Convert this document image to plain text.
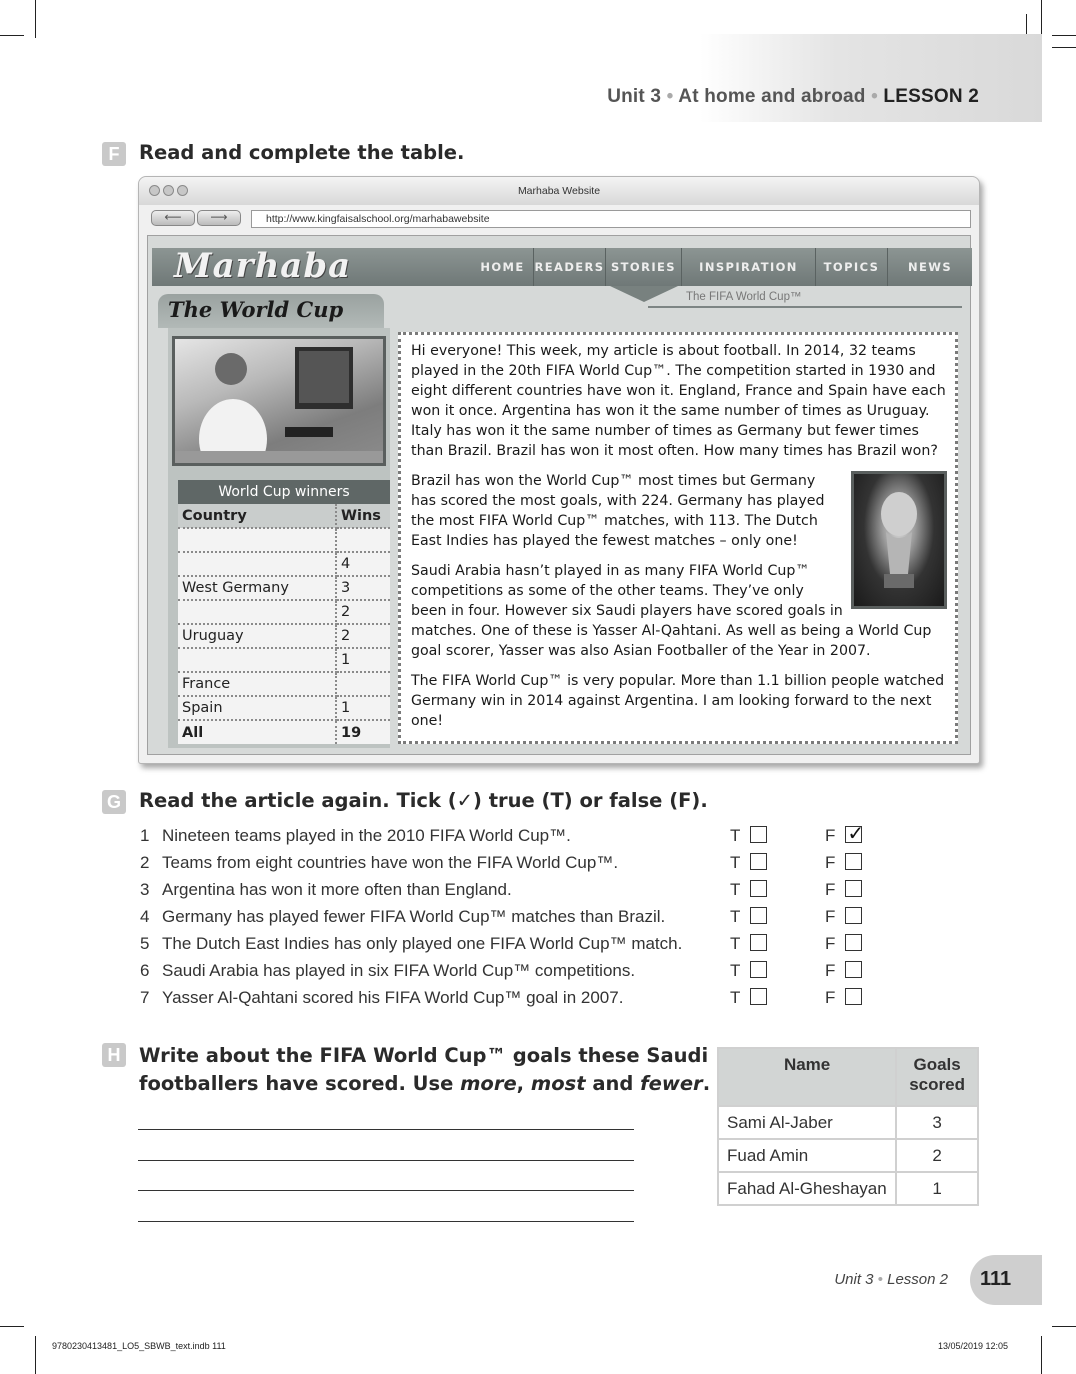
Unit 3 • At home and abroad • LESSON 2
F	Read and complete the table.
Marhaba Website
⟵	⟶	http://www.kingfaisalschool.org/marhabawebsite
Marhaba	HOME READERS STORIES	INSPIRATION	TOPICS	NEWS
The FIFA World Cup™
The World Cup
World Cup winners
Country	Wins

	4
West Germany	3
	2
Uruguay	2
	1
France	
Spain	1
All	19

Hi everyone! This week, my article is about football. In 2014, 32 teams played in the 20th FIFA World Cup™. The competition started in 1930 and eight different countries have won it. England, France and Spain have each won it once. Argentina has won it the same number of times as Uruguay. Italy has won it the same number of times as Germany but fewer times than Brazil. Brazil has won it most often. How many times has Brazil won?

Brazil has won the World Cup™ most times but Germany has scored the most goals, with 224. Germany has played the most FIFA World Cup™ matches, with 113. The Dutch East Indies has played the fewest matches – only one!

Saudi Arabia hasn’t played in as many FIFA World Cup™ competitions as some of the other teams. They’ve only been in four. However six Saudi players have scored goals in matches. One of these is Yasser Al-Qahtani. As well as being a World Cup goal scorer, Yasser was also Asian Footballer of the Year in 2007.

The FIFA World Cup™ is very popular. More than 1.1 billion people watched Germany win in 2014 against Argentina. I am looking forward to the next one!

G Read the article again. Tick (✓) true (T) or false (F).
1 Nineteen teams played in the 2010 FIFA World Cup™.	T	F ✓
2 Teams from eight countries have won the FIFA World Cup™.	T	F
3 Argentina has won it more often than England.	T	F
4 Germany has played fewer FIFA World Cup™ matches than Brazil.	T	F
5 The Dutch East Indies has only played one FIFA World Cup™ match.	T	F
6 Saudi Arabia has played in six FIFA World Cup™ competitions.	T	F
7 Yasser Al-Qahtani scored his FIFA World Cup™ goal in 2007.	T	F
H Write about the FIFA World Cup™ goals these Saudi
footballers have scored. Use more, most and fewer.
Name	Goals scored
Sami Al-Jaber	3
Fuad Amin	2
Fahad Al-Gheshayan	1
Unit 3 • Lesson 2 111
9780230413481_LO5_SBWB_text.indb 111	13/05/2019 12:05
